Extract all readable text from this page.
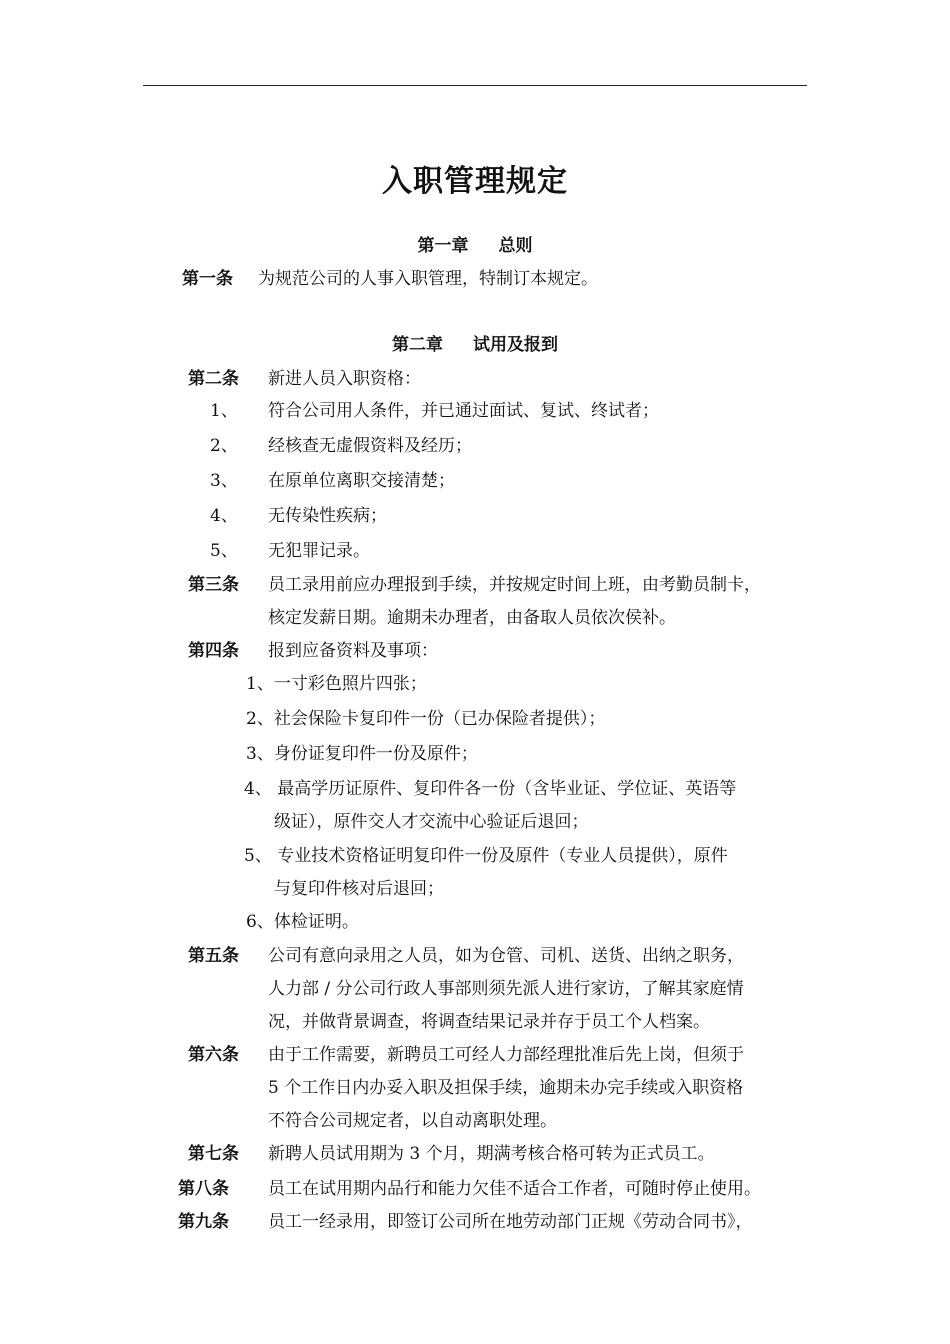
入职管理规定
第一章 总则
第一条 为规范公司的人事入职管理，特制订本规定。
第二章 试用及报到
第二条 新进人员入职资格：
1、 符合公司用人条件，并已通过面试、复试、终试者；
2、 经核查无虚假资料及经历；
3、 在原单位离职交接清楚；
4、 无传染性疾病；
5、 无犯罪记录。
第三条 员工录用前应办理报到手续，并按规定时间上班，由考勤员制卡，
核定发薪日期。逾期未办理者，由备取人员依次侯补。
第四条 报到应备资料及事项：
1、一寸彩色照片四张；
2、社会保险卡复印件一份（已办保险者提供）；
3、身份证复印件一份及原件；
4、 最高学历证原件、复印件各一份（含毕业证、学位证、英语等
级证），原件交人才交流中心验证后退回；
5、 专业技术资格证明复印件一份及原件（专业人员提供），原件
与复印件核对后退回；
6、体检证明。
第五条 公司有意向录用之人员，如为仓管、司机、送货、出纳之职务，
人力部 / 分公司行政人事部则须先派人进行家访，了解其家庭情
况，并做背景调查，将调查结果记录并存于员工个人档案。
第六条 由于工作需要，新聘员工可经人力部经理批准后先上岗，但须于
5 个工作日内办妥入职及担保手续，逾期未办完手续或入职资格
不符合公司规定者，以自动离职处理。
第七条 新聘人员试用期为 3 个月，期满考核合格可转为正式员工。
第八条 员工在试用期内品行和能力欠佳不适合工作者，可随时停止使用。
第九条 员工一经录用，即签订公司所在地劳动部门正规《劳动合同书》，
